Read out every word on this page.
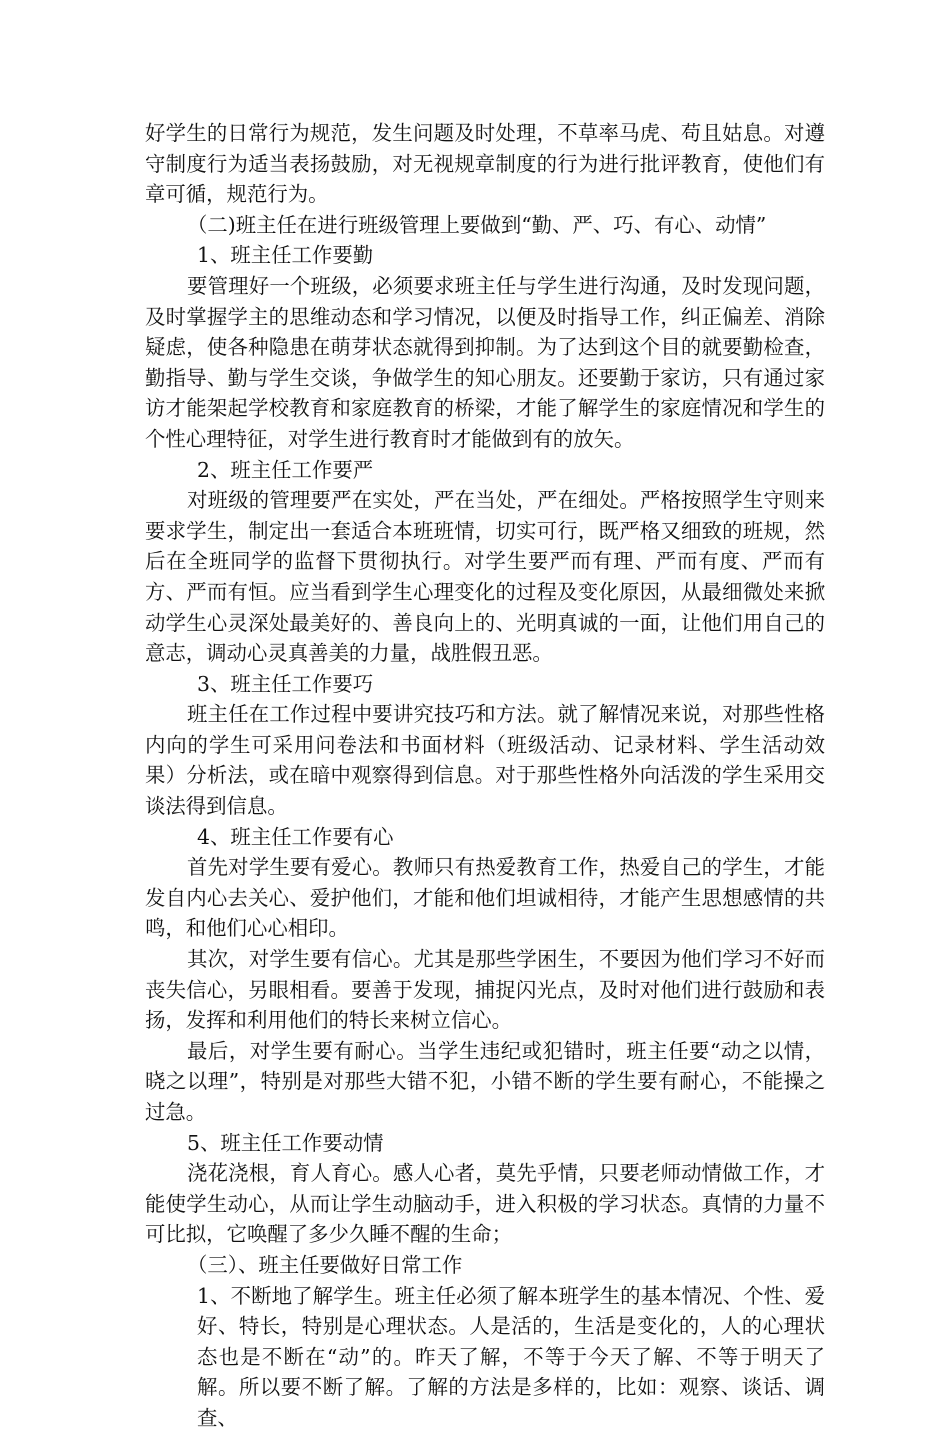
好学生的日常行为规范，发生问题及时处理，不草率马虎、苟且姑息。对遵守制度行为适当表扬鼓励，对无视规章制度的行为进行批评教育，使他们有章可循，规范行为。

（二)班主任在进行班级管理上要做到“勤、严、巧、有心、动情”

1、班主任工作要勤

要管理好一个班级，必须要求班主任与学生进行沟通，及时发现问题，及时掌握学主的思维动态和学习情况，以便及时指导工作，纠正偏差、消除疑虑，使各种隐患在萌芽状态就得到抑制。为了达到这个目的就要勤检查，勤指导、勤与学生交谈，争做学生的知心朋友。还要勤于家访，只有通过家访才能架起学校教育和家庭教育的桥梁，才能了解学生的家庭情况和学生的个性心理特征，对学生进行教育时才能做到有的放矢。

2、班主任工作要严

对班级的管理要严在实处，严在当处，严在细处。严格按照学生守则来要求学生，制定出一套适合本班班情，切实可行，既严格又细致的班规，然后在全班同学的监督下贯彻执行。对学生要严而有理、严而有度、严而有方、严而有恒。应当看到学生心理变化的过程及变化原因，从最细微处来掀动学生心灵深处最美好的、善良向上的、光明真诚的一面，让他们用自己的意志，调动心灵真善美的力量，战胜假丑恶。

3、班主任工作要巧

班主任在工作过程中要讲究技巧和方法。就了解情况来说，对那些性格内向的学生可采用问卷法和书面材料（班级活动、记录材料、学生活动效果）分析法，或在暗中观察得到信息。对于那些性格外向活泼的学生采用交谈法得到信息。

4、班主任工作要有心

首先对学生要有爱心。教师只有热爱教育工作，热爱自己的学生，才能发自内心去关心、爱护他们，才能和他们坦诚相待，才能产生思想感情的共鸣，和他们心心相印。

其次，对学生要有信心。尤其是那些学困生，不要因为他们学习不好而丧失信心，另眼相看。要善于发现，捕捉闪光点，及时对他们进行鼓励和表扬，发挥和利用他们的特长来树立信心。

最后，对学生要有耐心。当学生违纪或犯错时，班主任要“动之以情，晓之以理”，特别是对那些大错不犯，小错不断的学生要有耐心，不能操之过急。

5、班主任工作要动情

浇花浇根，育人育心。感人心者，莫先乎情，只要老师动情做工作，才能使学生动心，从而让学生动脑动手，进入积极的学习状态。真情的力量不可比拟，它唤醒了多少久睡不醒的生命；

（三）、班主任要做好日常工作

1、不断地了解学生。班主任必须了解本班学生的基本情况、个性、爱好、特长，特别是心理状态。人是活的，生活是变化的，人的心理状态也是不断在“动”的。昨天了解，不等于今天了解、不等于明天了解。所以要不断了解。了解的方法是多样的，比如：观察、谈话、调查、
